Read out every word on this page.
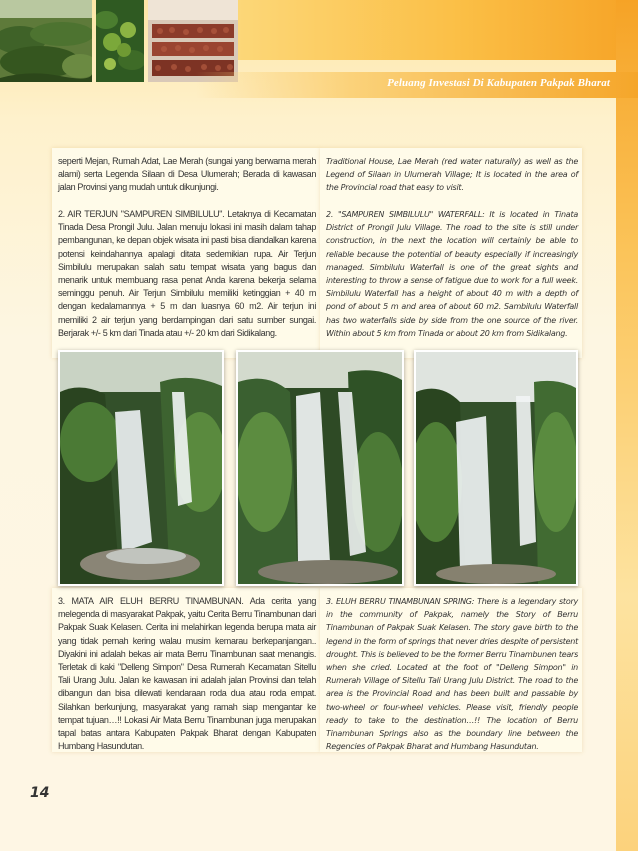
Peluang Investasi Di Kabupaten Pakpak Bharat

seperti Mejan, Rumah Adat, Lae Merah (sungai yang berwarna merah alami) serta Legenda Silaan di Desa Ulumerah; Berada di kawasan jalan Provinsi yang mudah untuk dikunjungi.

Traditional House, Lae Merah (red water naturally) as well as the Legend of Silaan in Ulumerah Village; It is located in the area of the Provincial road that easy to visit.

2. AIR TERJUN "SAMPUREN SIMBILULU". Letaknya di Kecamatan Tinada Desa Prongil Julu. Jalan menuju lokasi ini masih dalam tahap pembangunan, ke depan objek wisata ini pasti bisa diandalkan karena potensi keindahannya apalagi ditata sedemikian rupa. Air Terjun Simbilulu merupakan salah satu tempat wisata yang bagus dan menarik untuk membuang rasa penat Anda karena bekerja selama seminggu penuh. Air Terjun Simbilulu memiliki ketinggian + 40 m dengan kedalamannya + 5 m dan luasnya 60 m2. Air terjun ini memiliki 2 air terjun yang berdampingan dari satu sumber sungai. Berjarak +/- 5 km dari Tinada atau +/- 20 km dari Sidikalang.

2. "SAMPUREN SIMBILULU" WATERFALL: It is located in Tinata District of Prongil Julu Village. The road to the site is still under construction, in the next the location will certainly be able to reliable because the potential of beauty especially if increasingly managed. Simbilulu Waterfall is one of the great sights and interesting to throw a sense of fatigue due to work for a full week. Simbilulu Waterfall has a height of about 40 m with a depth of pond of about 5 m and area of about 60 m2. Sambilulu Waterfall has two waterfalls side by side from the one source of the river. Within about 5 km from Tinada or about 20 km from Sidikalang.

3. MATA AIR ELUH BERRU TINAMBUNAN. Ada cerita yang melegenda di masyarakat Pakpak, yaitu Cerita Berru Tinambunan dari Pakpak Suak Kelasen. Cerita ini melahirkan legenda berupa mata air yang tidak pernah kering walau musim kemarau berkepanjangan.. Diyakini ini adalah bekas air mata Berru Tinambunan saat menangis. Terletak di kaki "Delleng Simpon" Desa Rumerah Kecamatan Sitellu Tali Urang Julu. Jalan ke kawasan ini adalah jalan Provinsi dan telah dibangun dan bisa dilewati kendaraan roda dua atau roda empat. Silahkan berkunjung, masyarakat yang ramah siap mengantar ke tempat tujuan…!! Lokasi Air Mata Berru Tinambunan juga merupakan tapal batas antara Kabupaten Pakpak Bharat dengan Kabupaten Humbang Hasundutan.

3. ELUH BERRU TINAMBUNAN SPRING: There is a legendary story in the community of Pakpak, namely the Story of Berru Tinambunan of Pakpak Suak Kelasen. The story gave birth to the legend in the form of springs that never dries despite of persistent drought. This is believed to be the former Berru Tinambunen tears when she cried. Located at the foot of "Delleng Simpon" in Rumerah Village of Sitellu Tali Urang Julu District. The road to the area is the Provincial Road and has been built and passable by two-wheel or four-wheel vehicles. Please visit, friendly people ready to take to the destination…!! The location of Berru Tinambunan Springs also as the boundary line between the Regencies of Pakpak Bharat and Humbang Hasundutan.

14
